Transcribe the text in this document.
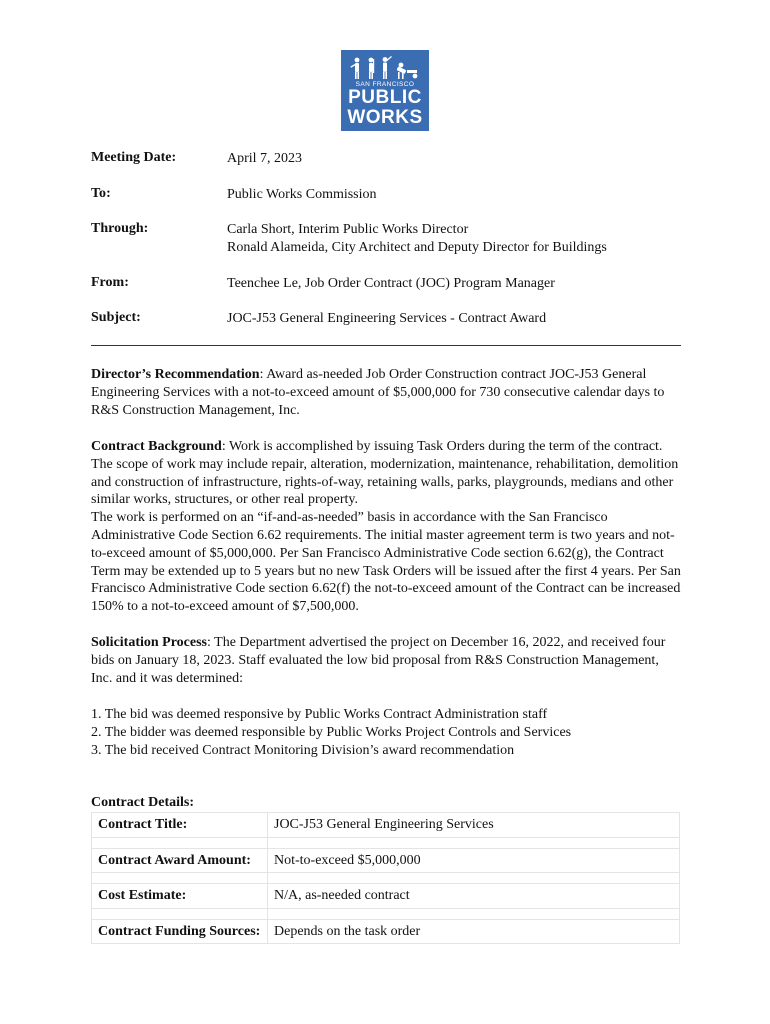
SAN FRANCISCO
PUBLIC
WORKS
Meeting Date:	April 7, 2023
To:	Public Works Commission
Through:	Carla Short, Interim Public Works Director
Ronald Alameida, City Architect and Deputy Director for Buildings
From:	Teenchee Le, Job Order Contract (JOC) Program Manager
Subject:	JOC-J53 General Engineering Services - Contract Award

Director’s Recommendation: Award as-needed Job Order Construction contract JOC-J53 General Engineering Services with a not-to-exceed amount of $5,000,000 for 730 consecutive calendar days to R&S Construction Management, Inc.

Contract Background: Work is accomplished by issuing Task Orders during the term of the contract. The scope of work may include repair, alteration, modernization, maintenance, rehabilitation, demolition and construction of infrastructure, rights-of-way, retaining walls, parks, playgrounds, medians and other similar works, structures, or other real property.
The work is performed on an “if-and-as-needed” basis in accordance with the San Francisco Administrative Code Section 6.62 requirements. The initial master agreement term is two years and not-to-exceed amount of $5,000,000. Per San Francisco Administrative Code section 6.62(g), the Contract Term may be extended up to 5 years but no new Task Orders will be issued after the first 4 years. Per San Francisco Administrative Code section 6.62(f) the not-to-exceed amount of the Contract can be increased 150% to a not-to-exceed amount of $7,500,000.

Solicitation Process: The Department advertised the project on December 16, 2022, and received four bids on January 18, 2023. Staff evaluated the low bid proposal from R&S Construction Management, Inc. and it was determined:

1. The bid was deemed responsive by Public Works Contract Administration staff
2. The bidder was deemed responsible by Public Works Project Controls and Services
3. The bid received Contract Monitoring Division’s award recommendation
Contract Details:
Contract Title:	JOC-J53 General Engineering Services

Contract Award Amount:	Not-to-exceed $5,000,000

Cost Estimate:	N/A, as-needed contract

Contract Funding Sources:	Depends on the task order
